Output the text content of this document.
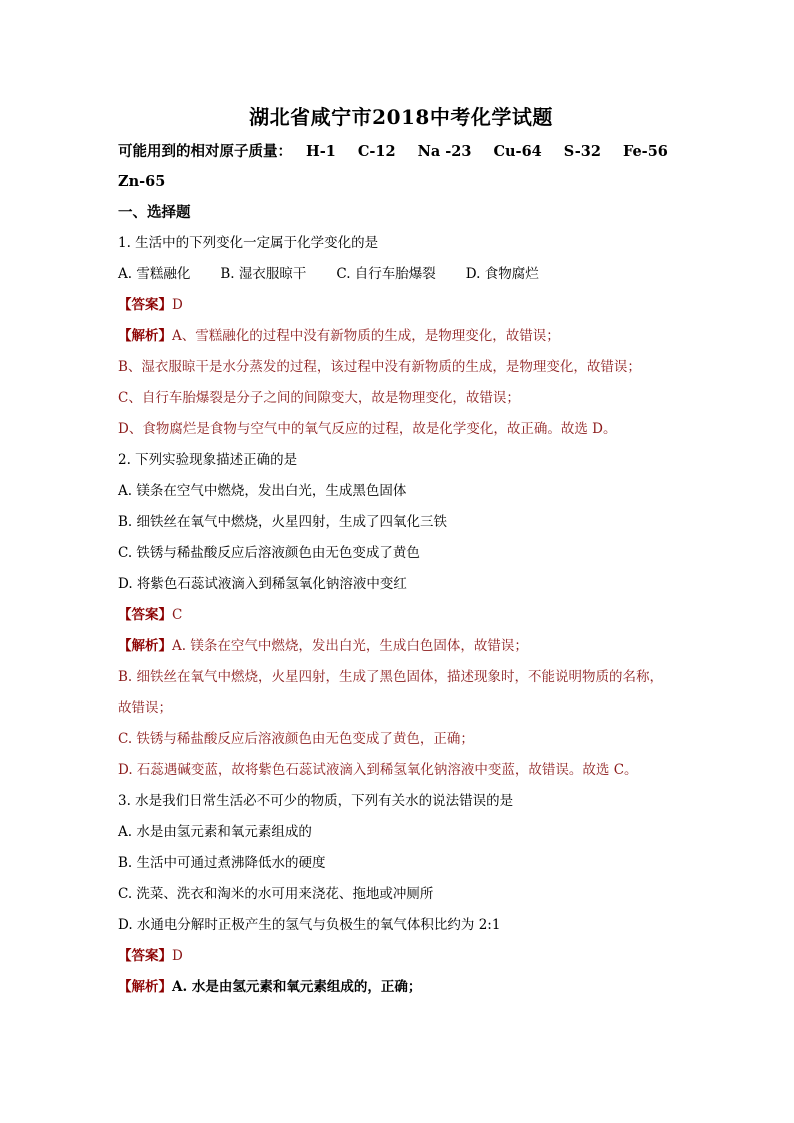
湖北省咸宁市2018中考化学试题
可能用到的相对原子质量： H-1 C-12 Na -23 Cu-64 S-32 Fe-56
Zn-65
一、选择题
1. 生活中的下列变化一定属于化学变化的是
A. 雪糕融化 B. 湿衣服晾干 C. 自行车胎爆裂 D. 食物腐烂
【答案】D
【解析】A、雪糕融化的过程中没有新物质的生成，是物理变化，故错误；
B、湿衣服晾干是水分蒸发的过程，该过程中没有新物质的生成，是物理变化，故错误；
C、自行车胎爆裂是分子之间的间隙变大，故是物理变化，故错误；
D、食物腐烂是食物与空气中的氧气反应的过程，故是化学变化，故正确。故选 D。
2. 下列实验现象描述正确的是
A. 镁条在空气中燃烧，发出白光，生成黑色固体
B. 细铁丝在氧气中燃烧，火星四射，生成了四氧化三铁
C. 铁锈与稀盐酸反应后溶液颜色由无色变成了黄色
D. 将紫色石蕊试液滴入到稀氢氧化钠溶液中变红
【答案】C
【解析】A. 镁条在空气中燃烧，发出白光，生成白色固体，故错误；
B. 细铁丝在氧气中燃烧，火星四射，生成了黑色固体，描述现象时，不能说明物质的名称，
故错误；
C. 铁锈与稀盐酸反应后溶液颜色由无色变成了黄色，正确；
D. 石蕊遇碱变蓝，故将紫色石蕊试液滴入到稀氢氧化钠溶液中变蓝，故错误。故选 C。
3. 水是我们日常生活必不可少的物质，下列有关水的说法错误的是
A. 水是由氢元素和氧元素组成的
B. 生活中可通过煮沸降低水的硬度
C. 洗菜、洗衣和淘米的水可用来浇花、拖地或冲厕所
D. 水通电分解时正极产生的氢气与负极生的氧气体积比约为 2:1
【答案】D
【解析】A. 水是由氢元素和氧元素组成的，正确；
